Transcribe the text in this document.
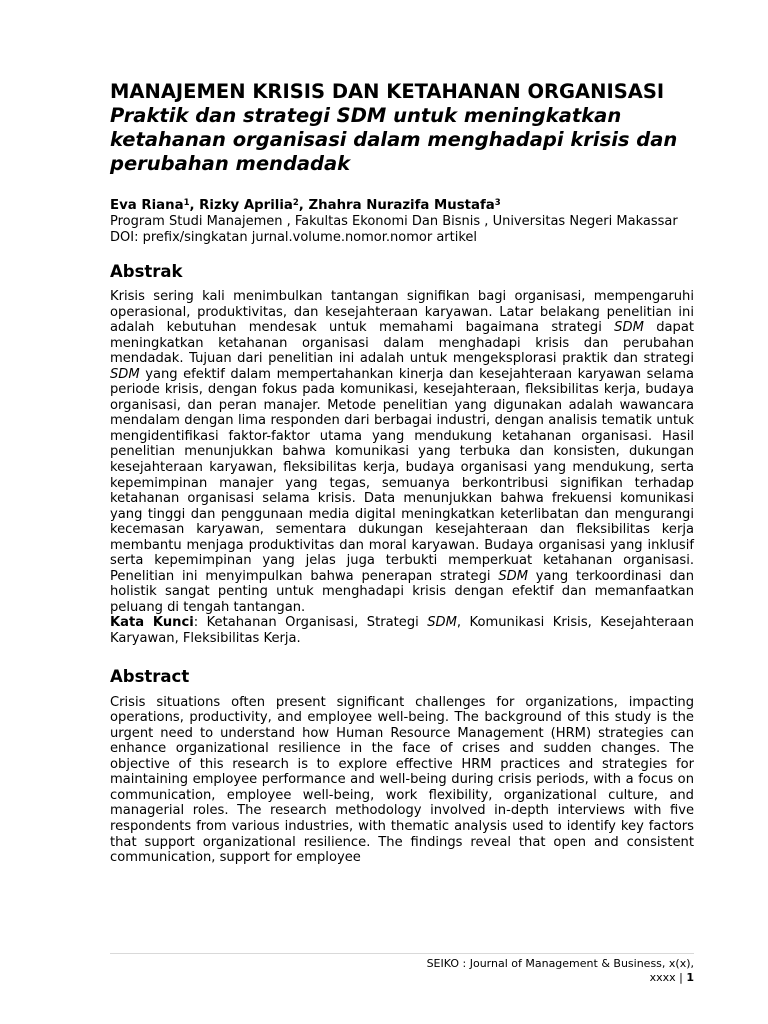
MANAJEMEN KRISIS DAN KETAHANAN ORGANISASI
Praktik dan strategi SDM untuk meningkatkan ketahanan organisasi dalam menghadapi krisis dan perubahan mendadak
Eva Riana$^1$, Rizky Aprilia$^2$, Zhahra Nurazifa Mustafa$^3$
Program Studi Manajemen , Fakultas Ekonomi Dan Bisnis , Universitas Negeri Makassar
DOI: prefix/singkatan jurnal.volume.nomor.nomor artikel
Abstrak
Krisis sering kali menimbulkan tantangan signifikan bagi organisasi, mempengaruhi operasional, produktivitas, dan kesejahteraan karyawan. Latar belakang penelitian ini adalah kebutuhan mendesak untuk memahami bagaimana strategi SDM dapat meningkatkan ketahanan organisasi dalam menghadapi krisis dan perubahan mendadak. Tujuan dari penelitian ini adalah untuk mengeksplorasi praktik dan strategi SDM yang efektif dalam mempertahankan kinerja dan kesejahteraan karyawan selama periode krisis, dengan fokus pada komunikasi, kesejahteraan, fleksibilitas kerja, budaya organisasi, dan peran manajer. Metode penelitian yang digunakan adalah wawancara mendalam dengan lima responden dari berbagai industri, dengan analisis tematik untuk mengidentifikasi faktor-faktor utama yang mendukung ketahanan organisasi. Hasil penelitian menunjukkan bahwa komunikasi yang terbuka dan konsisten, dukungan kesejahteraan karyawan, fleksibilitas kerja, budaya organisasi yang mendukung, serta kepemimpinan manajer yang tegas, semuanya berkontribusi signifikan terhadap ketahanan organisasi selama krisis. Data menunjukkan bahwa frekuensi komunikasi yang tinggi dan penggunaan media digital meningkatkan keterlibatan dan mengurangi kecemasan karyawan, sementara dukungan kesejahteraan dan fleksibilitas kerja membantu menjaga produktivitas dan moral karyawan. Budaya organisasi yang inklusif serta kepemimpinan yang jelas juga terbukti memperkuat ketahanan organisasi. Penelitian ini menyimpulkan bahwa penerapan strategi SDM yang terkoordinasi dan holistik sangat penting untuk menghadapi krisis dengan efektif dan memanfaatkan peluang di tengah tantangan.
Kata Kunci: Ketahanan Organisasi, Strategi SDM, Komunikasi Krisis, Kesejahteraan Karyawan, Fleksibilitas Kerja.
Abstract
Crisis situations often present significant challenges for organizations, impacting operations, productivity, and employee well-being. The background of this study is the urgent need to understand how Human Resource Management (HRM) strategies can enhance organizational resilience in the face of crises and sudden changes. The objective of this research is to explore effective HRM practices and strategies for maintaining employee performance and well-being during crisis periods, with a focus on communication, employee well-being, work flexibility, organizational culture, and managerial roles. The research methodology involved in-depth interviews with five respondents from various industries, with thematic analysis used to identify key factors that support organizational resilience. The findings reveal that open and consistent communication, support for employee
SEIKO : Journal of Management & Business, x(x),
xxxx | 1
